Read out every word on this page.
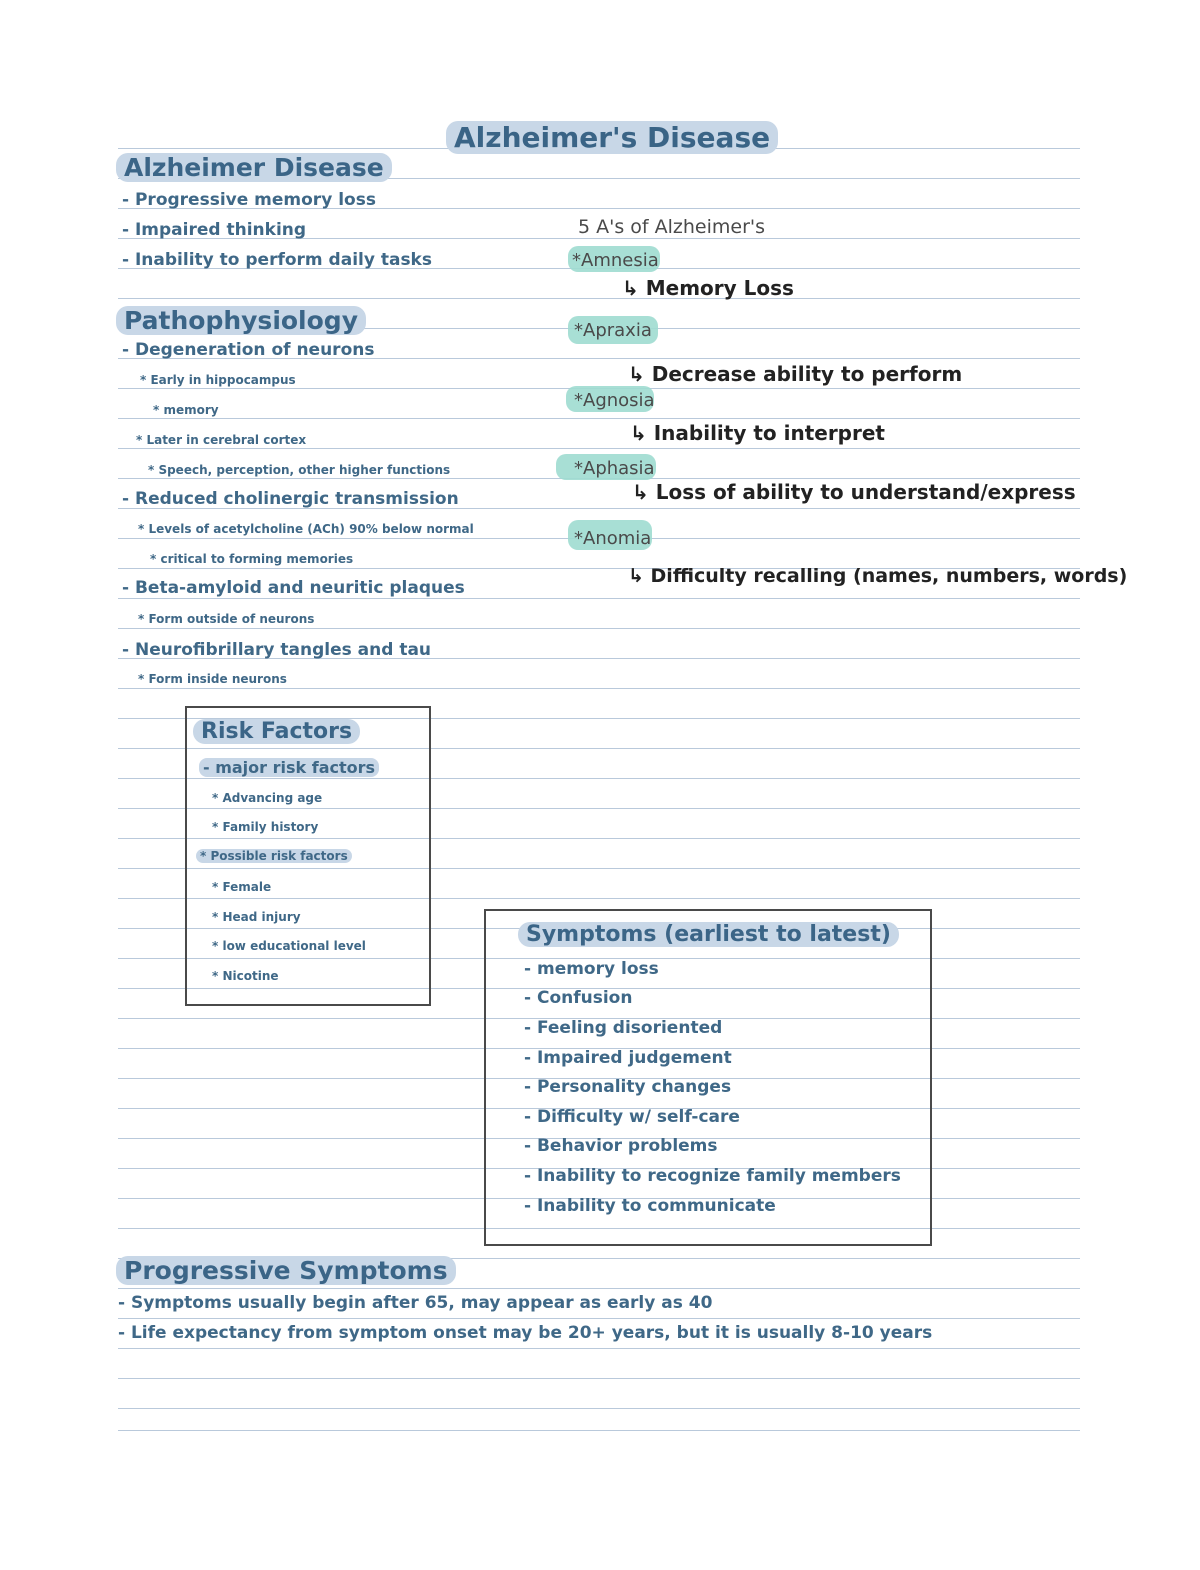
Alzheimer's Disease
Alzheimer Disease
- Progressive memory loss
- Impaired thinking
- Inability to perform daily tasks
Pathophysiology
- Degeneration of neurons
* Early in hippocampus
* memory
* Later in cerebral cortex
* Speech, perception, other higher functions
- Reduced cholinergic transmission
* Levels of acetylcholine (ACh) 90% below normal
* critical to forming memories
- Beta-amyloid and neuritic plaques
* Form outside of neurons
- Neurofibrillary tangles and tau
* Form inside neurons
5 A's of Alzheimer's
*Amnesia
↳ Memory Loss
*Apraxia
↳ Decrease ability to perform
*Agnosia
↳ Inability to interpret
*Aphasia
↳ Loss of ability to understand/express
*Anomia
↳ Difficulty recalling (names, numbers, words)
Risk Factors
- major risk factors
* Advancing age
* Family history
* Possible risk factors
* Female
* Head injury
* low educational level
* Nicotine
Symptoms (earliest to latest)
- memory loss
- Confusion
- Feeling disoriented
- Impaired judgement
- Personality changes
- Difficulty w/ self-care
- Behavior problems
- Inability to recognize family members
- Inability to communicate
Progressive Symptoms
- Symptoms usually begin after 65, may appear as early as 40
- Life expectancy from symptom onset may be 20+ years, but it is usually 8-10 years
